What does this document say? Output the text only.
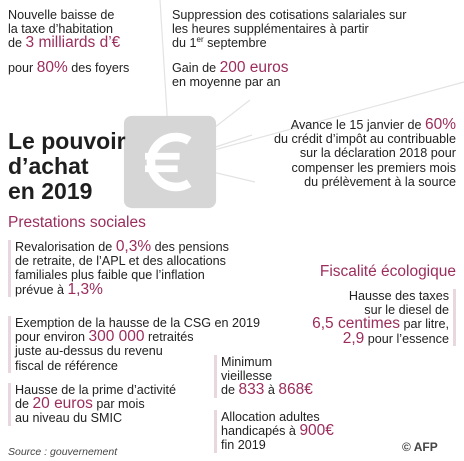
Nouvelle baisse de
la taxe d’habitation
de 3 milliards d’€
pour 80% des foyers
Suppression des cotisations salariales sur
les heures supplémentaires à partir
du 1er septembre
Gain de 200 euros
en moyenne par an
Le pouvoir
d’achat
en 2019
Avance le 15 janvier de 60%
du crédit d’impôt au contribuable
sur la déclaration 2018 pour
compenser les premiers mois
du prélèvement à la source
Prestations sociales
Revalorisation de 0,3% des pensions
de retraite, de l’APL et des allocations
familiales plus faible que l’inflation
prévue à 1,3%
Fiscalité écologique
Hausse des taxes
sur le diesel de
6,5 centimes par litre,
2,9 pour l’essence
Exemption de la hausse de la CSG en 2019
pour environ 300 000 retraités
juste au-dessus du revenu
fiscal de référence	Minimum
vieillesse
de 833 à 868€
Hausse de la prime d’activité
de 20 euros par mois
au niveau du SMIC	Allocation adultes
handicapés à 900€
fin 2019
Source : gouvernement	© AFP
